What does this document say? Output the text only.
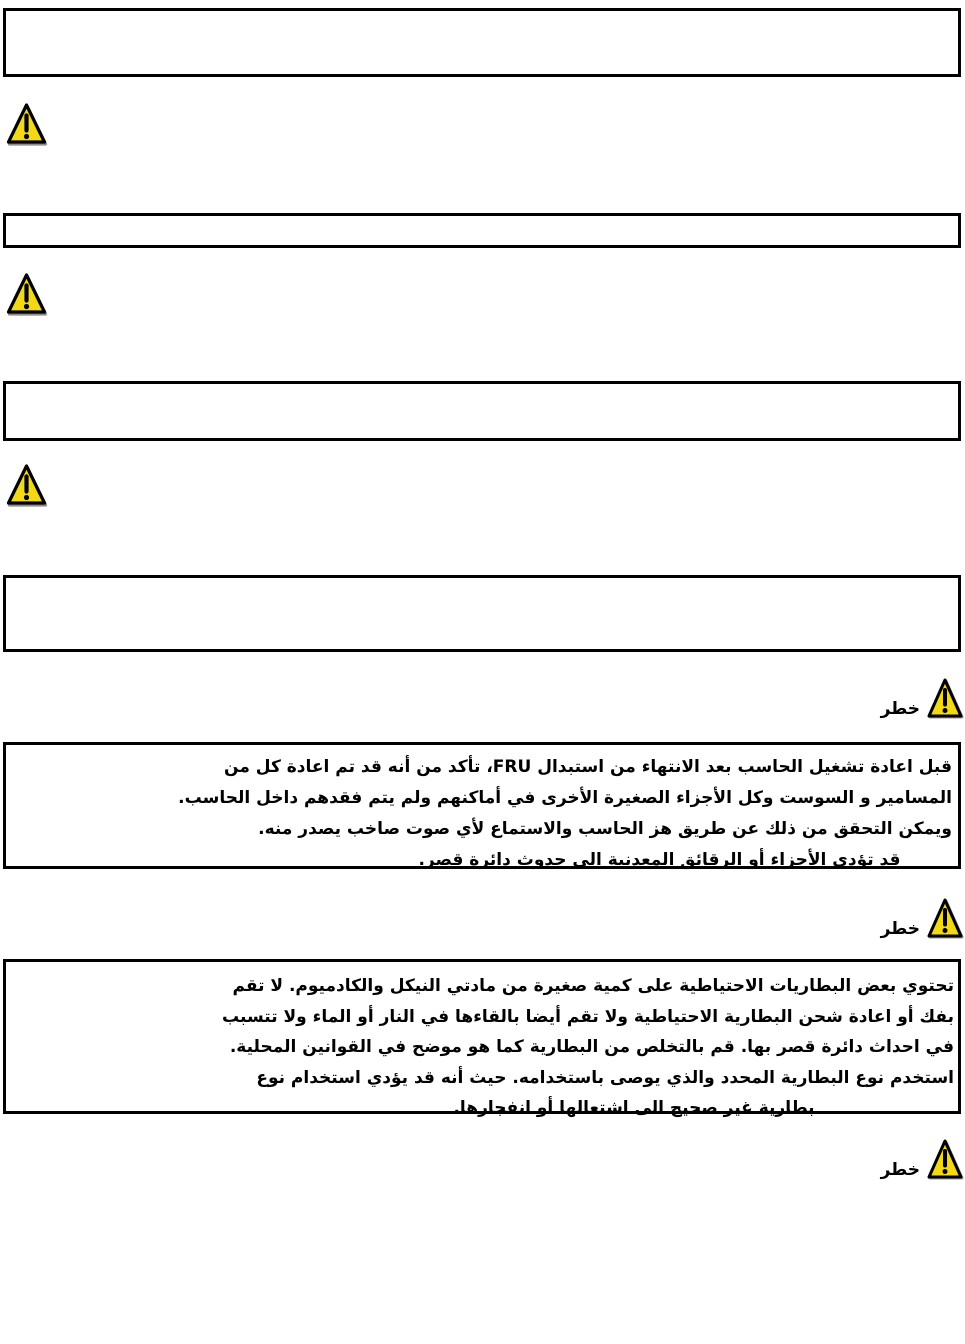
خطر
قبل اعادة تشغيل الحاسب بعد الانتهاء من استبدال FRU، تأكد من أنه قد تم اعادة كل من
المسامير و السوست وكل الأجزاء الصغيرة الأخرى في أماكنهم ولم يتم فقدهم داخل الحاسب.
ويمكن التحقق من ذلك عن طريق هز الحاسب والاستماع لأي صوت صاخب يصدر منه.
قد تؤدي الأجزاء أو الرقائق المعدنية الى حدوث دائرة قصر.
خطر
تحتوي بعض البطاريات الاحتياطية على كمية صغيرة من مادتي النيكل والكادميوم. لا تقم
بفك أو اعادة شحن البطارية الاحتياطية ولا تقم أيضا بالقاءها في النار أو الماء ولا تتسبب
في احداث دائرة قصر بها. قم بالتخلص من البطارية كما هو موضح في القوانين المحلية.
استخدم نوع البطارية المحدد والذي يوصى باستخدامه. حيث أنه قد يؤدي استخدام نوع
بطارية غير صحيح الى اشتعالها أو انفجارها.
خطر
